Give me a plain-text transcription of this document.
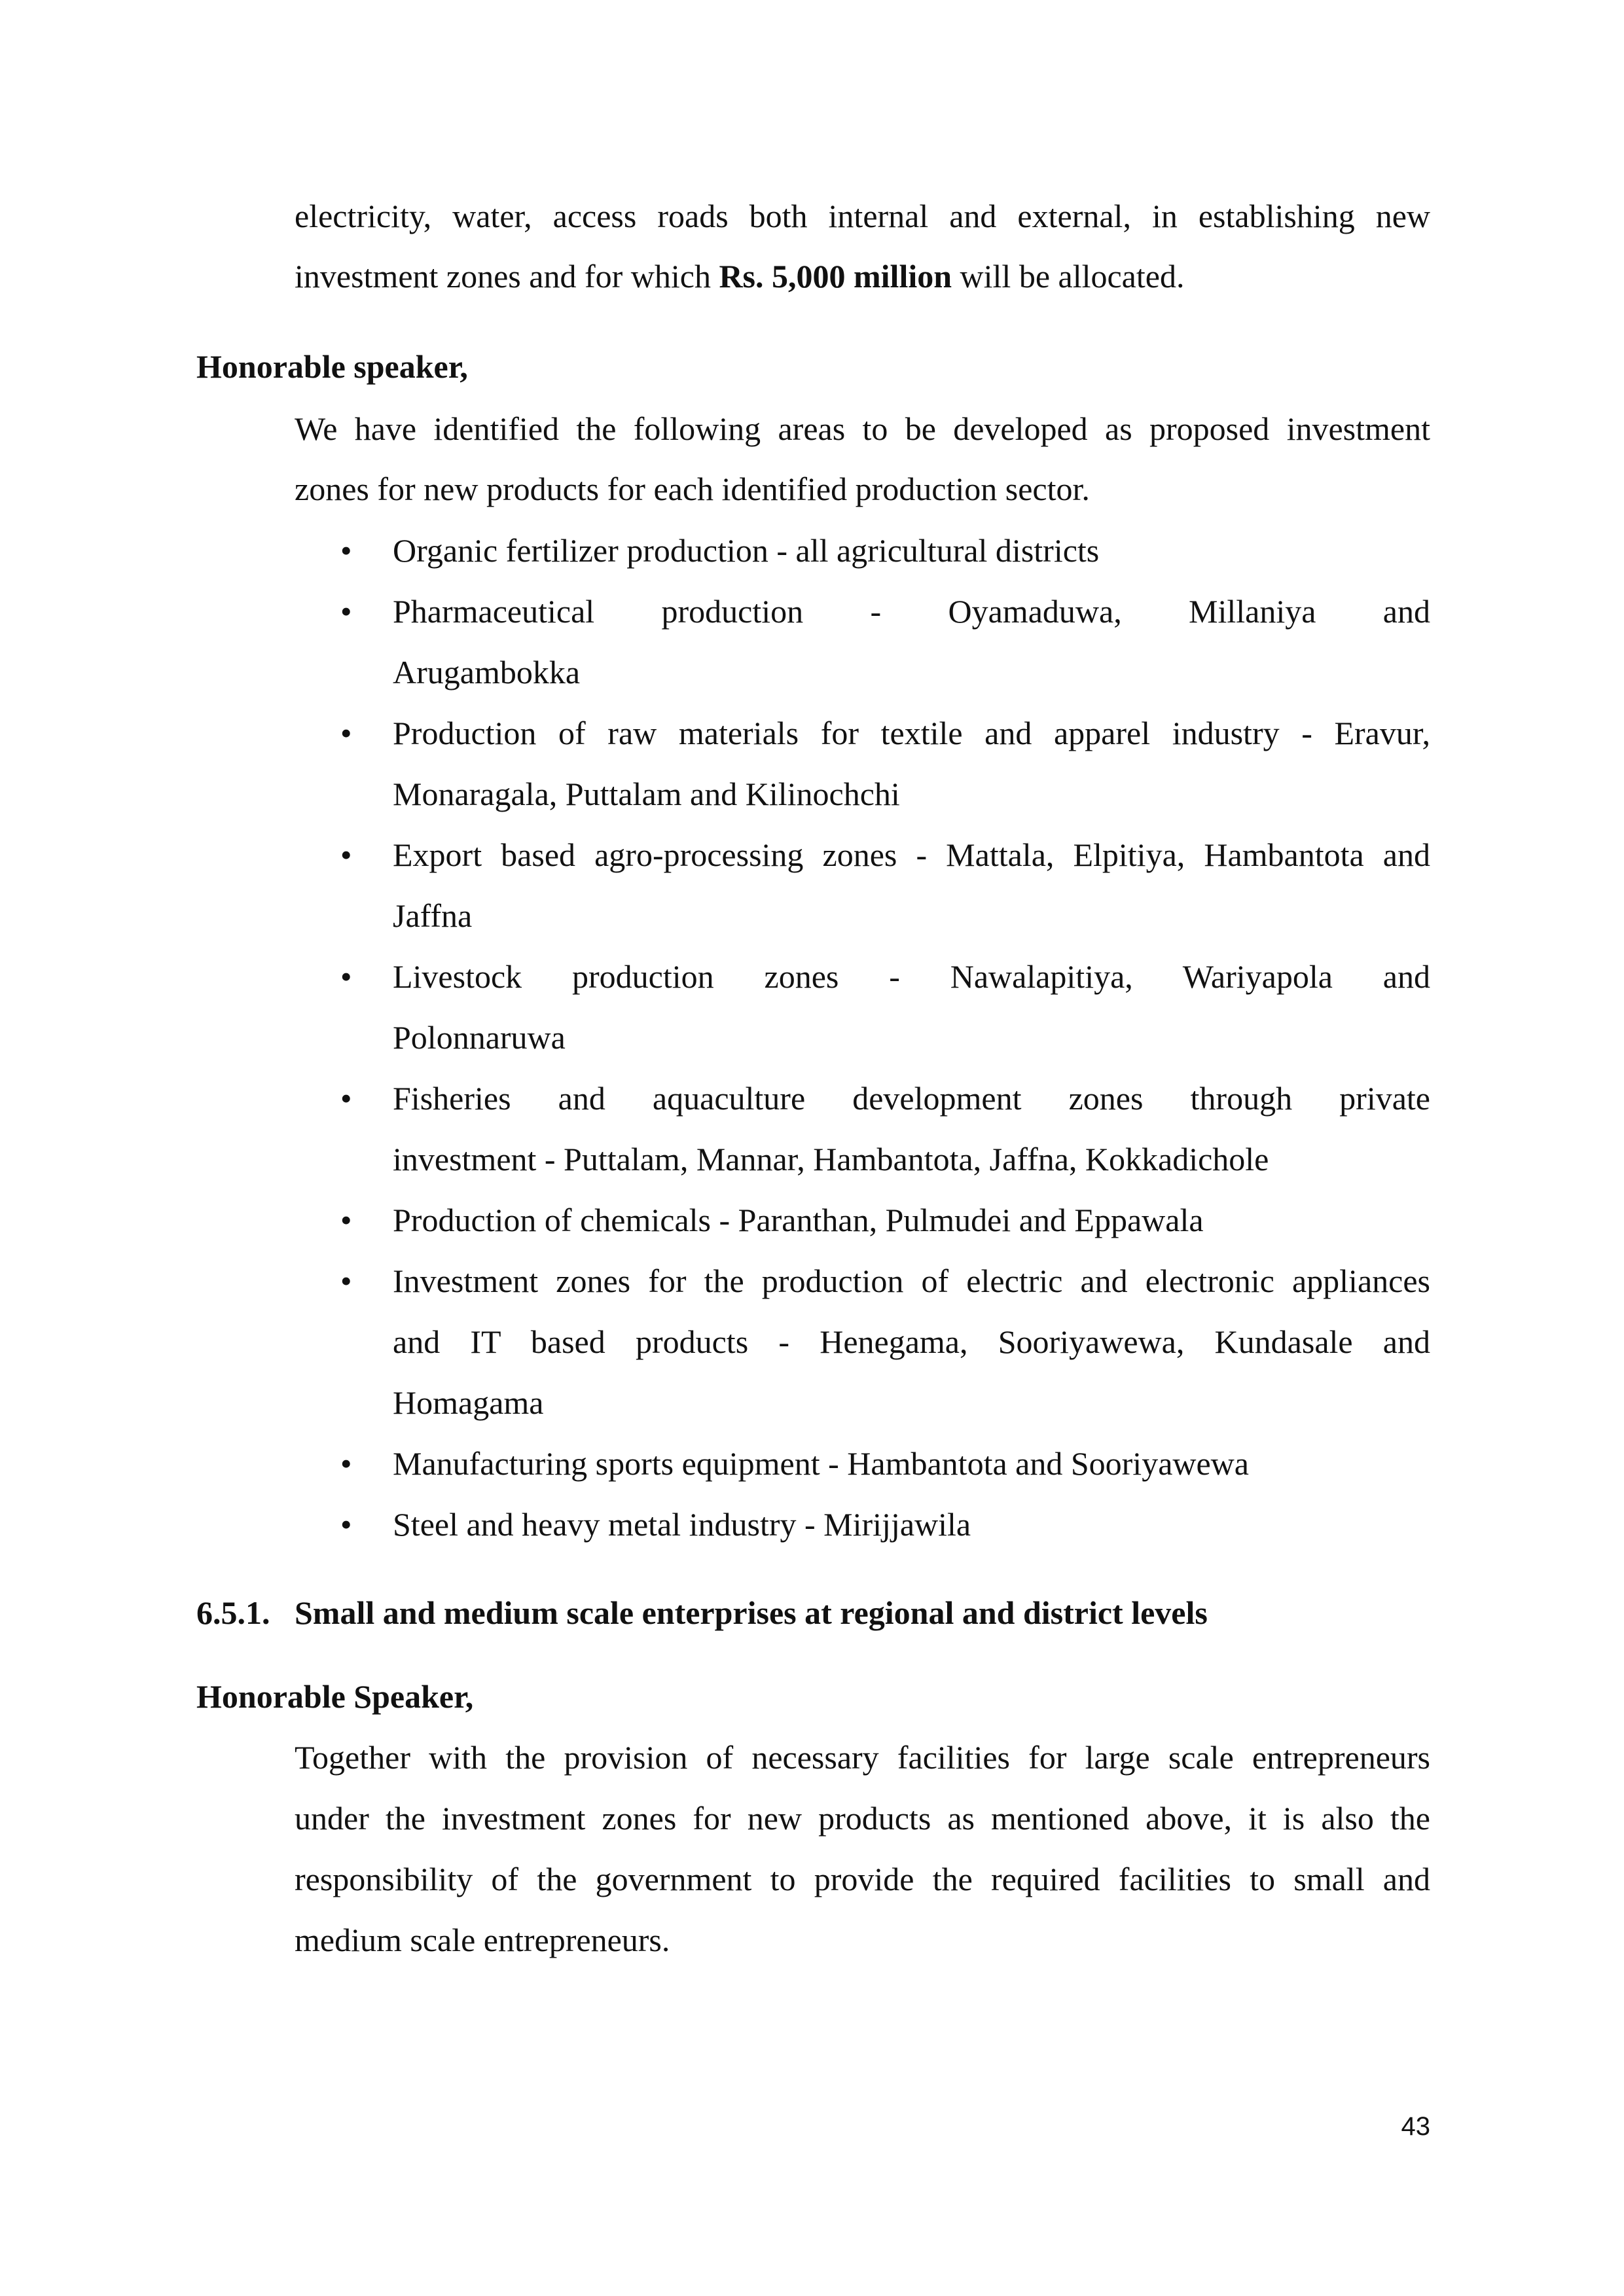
electricity, water, access roads both internal and external, in establishing new
investment zones and for which Rs. 5,000 million will be allocated.
Honorable speaker,
We have identified the following areas to be developed as proposed investment
zones for new products for each identified production sector.
• Organic fertilizer production - all agricultural districts
• Pharmaceutical production - Oyamaduwa, Millaniya and
Arugambokka
• Production of raw materials for textile and apparel industry - Eravur,
Monaragala, Puttalam and Kilinochchi
• Export based agro-processing zones - Mattala, Elpitiya, Hambantota and
Jaffna
• Livestock production zones - Nawalapitiya, Wariyapola and
Polonnaruwa
• Fisheries and aquaculture development zones through private
investment - Puttalam, Mannar, Hambantota, Jaffna, Kokkadichole
• Production of chemicals - Paranthan, Pulmudei and Eppawala
• Investment zones for the production of electric and electronic appliances
and IT based products - Henegama, Sooriyawewa, Kundasale and
Homagama
• Manufacturing sports equipment - Hambantota and Sooriyawewa
• Steel and heavy metal industry - Mirijjawila
6.5.1. Small and medium scale enterprises at regional and district levels
Honorable Speaker,
Together with the provision of necessary facilities for large scale entrepreneurs
under the investment zones for new products as mentioned above, it is also the
responsibility of the government to provide the required facilities to small and
medium scale entrepreneurs.
43
